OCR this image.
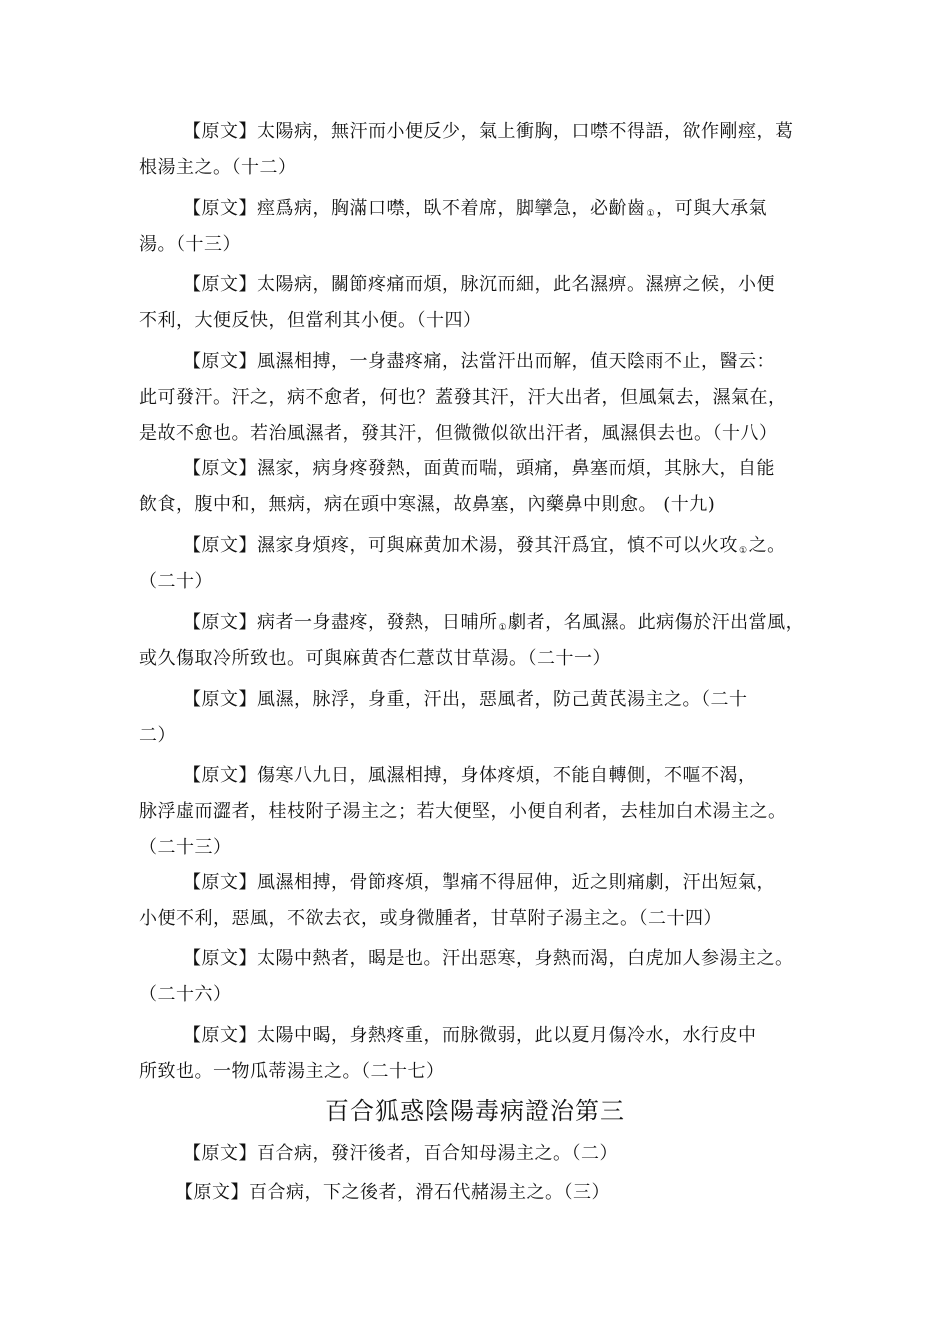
【原文】太陽病，無汗而小便反少，氣上衝胸，口噤不得語，欲作剛痙，葛
根湯主之。（十二）

【原文】痙爲病，胸滿口噤，臥不着席，脚攣急，必齘齒①，可與大承氣
湯。（十三）

【原文】太陽病，關節疼痛而煩，脉沉而細，此名濕痹。濕痹之候，小便
不利，大便反快，但當利其小便。（十四）

【原文】風濕相搏，一身盡疼痛，法當汗出而解，值天陰雨不止，醫云：
此可發汗。汗之，病不愈者，何也？蓋發其汗，汗大出者，但風氣去，濕氣在，
是故不愈也。若治風濕者，發其汗，但微微似欲出汗者，風濕俱去也。（十八）

【原文】濕家，病身疼發熱，面黄而喘，頭痛，鼻塞而煩，其脉大，自能
飲食，腹中和，無病，病在頭中寒濕，故鼻塞，內藥鼻中則愈。 (十九)

【原文】濕家身煩疼，可與麻黄加术湯，發其汗爲宜，慎不可以火攻①之。
（二十）

【原文】病者一身盡疼，發熱，日晡所①劇者，名風濕。此病傷於汗出當風，
或久傷取冷所致也。可與麻黄杏仁薏苡甘草湯。（二十一）

【原文】風濕，脉浮，身重，汗出，惡風者，防己黄芪湯主之。（二十
二）

【原文】傷寒八九日，風濕相搏，身体疼煩，不能自轉側，不嘔不渴，
脉浮虛而澀者，桂枝附子湯主之；若大便堅，小便自利者，去桂加白术湯主之。
（二十三）

【原文】風濕相搏，骨節疼煩，掣痛不得屈伸，近之則痛劇，汗出短氣，
小便不利，惡風，不欲去衣，或身微腫者，甘草附子湯主之。（二十四）

【原文】太陽中熱者，暍是也。汗出惡寒，身熱而渴，白虎加人参湯主之。
（二十六）

【原文】太陽中暍，身熱疼重，而脉微弱，此以夏月傷冷水，水行皮中
所致也。一物瓜蒂湯主之。（二十七）

百合狐惑陰陽毒病證治第三

【原文】百合病，發汗後者，百合知母湯主之。（二）

【原文】百合病，下之後者，滑石代赭湯主之。（三）
